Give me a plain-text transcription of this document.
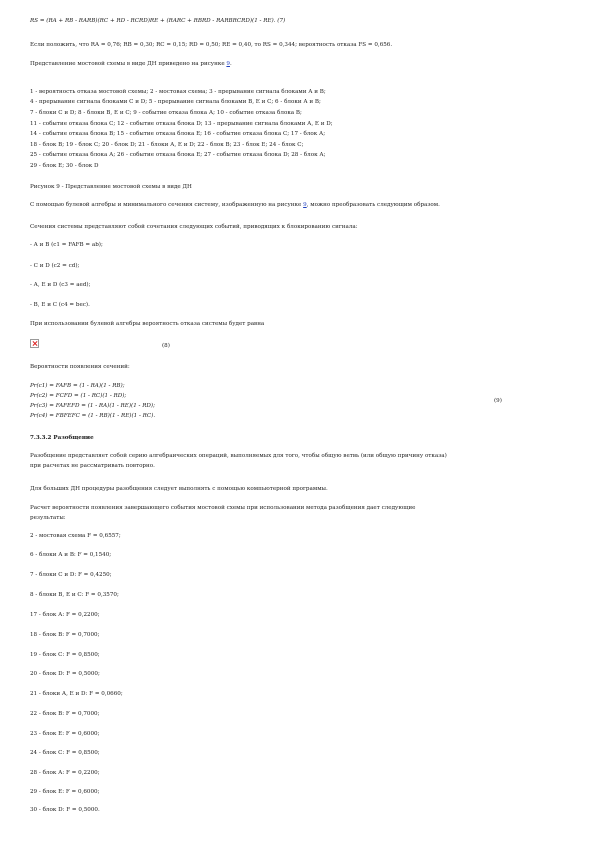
RS = (RA + RB - RARB)(RC + RD - RCRD)RE + (RARC + RBRD - RARBRCRD)(1 - RE). (7)
Если положить, что RA = 0,76; RB = 0,30; RC = 0,15; RD = 0,50; RE = 0,40, то RS = 0,344; вероятность отказа FS = 0,656.
Представление мостовой схемы в виде ДН приведено на рисунке 9.
1 - вероятность отказа мостовой схемы; 2 - мостовая схема; 3 - прерывание сигнала блоками А и В;
4 - прерывание сигнала блоками С и D; 5 - прерывание сигнала блоками В, Е и С; 6 - блоки А и В;
7 - блоки С и D; 8 - блоки В, Е и С; 9 - событие отказа блока А; 10 - событие отказа блока В;
11 - событие отказа блока С; 12 - событие отказа блока D; 13 - прерывание сигнала блоками А, Е и D;
14 - событие отказа блока В; 15 - событие отказа блока Е; 16 - событие отказа блока С; 17 - блок А;
18 - блок В; 19 - блок С; 20 - блок D; 21 - блоки А, Е и D; 22 - блок В; 23 - блок Е; 24 - блок С;
25 - событие отказа блока А; 26 - событие отказа блока Е; 27 - событие отказа блока D; 28 - блок А;
29 - блок Е; 30 - блок D
Рисунок 9 - Представление мостовой схемы в виде ДН
С помощью булевой алгебры и минимального сечения систему, изображенную на рисунке 9, можно преобразовать следующим образом.
Сечения системы представляют собой сочетания следующих событий, приводящих к блокированию сигнала:
- А и В (c1 = FAFB = ab);
- С и D (c2 = cd);
- А, Е и D (c3 = aed);
- В, Е и С (c4 = bec).
При использовании булевой алгебры вероятность отказа системы будет равна
(8)
Вероятности появления сечений:
Pr(c1) = FAFB = (1 - RA)(1 - RB);
Pr(c2) = FCFD = (1 - RC)(1 - RD);
Pr(c3) = FAFEFD = (1 - RA)(1 - RE)(1 - RD);
Pr(c4) = FBFEFC = (1 - RB)(1 - RE)(1 - RC).
(9)
7.3.3.2 Разобщение
Разобщение представляет собой серию алгебраических операций, выполняемых для того, чтобы общую ветвь (или общую причину отказа)
при расчетах не рассматривать повторно.
Для больших ДН процедуры разобщения следует выполнять с помощью компьютерной программы.
Расчет вероятности появления завершающего события мостовой схемы при использовании метода разобщения дает следующие
результаты:
2 - мостовая схема F = 0,6557;
6 - блоки А и В: F = 0,1540;
7 - блоки С и D: F = 0,4250;
8 - блоки В, Е и С: F = 0,3570;
17 - блок А: F = 0,2200;
18 - блок В: F = 0,7000;
19 - блок С: F = 0,8500;
20 - блок D: F = 0,5000;
21 - блоки А, Е и D: F = 0,0660;
22 - блок В: F = 0,7000;
23 - блок Е: F = 0,6000;
24 - блок С: F = 0,8500;
28 - блок А: F = 0,2200;
29 - блок Е: F = 0,6000;
30 - блок D: F = 0,5000.
